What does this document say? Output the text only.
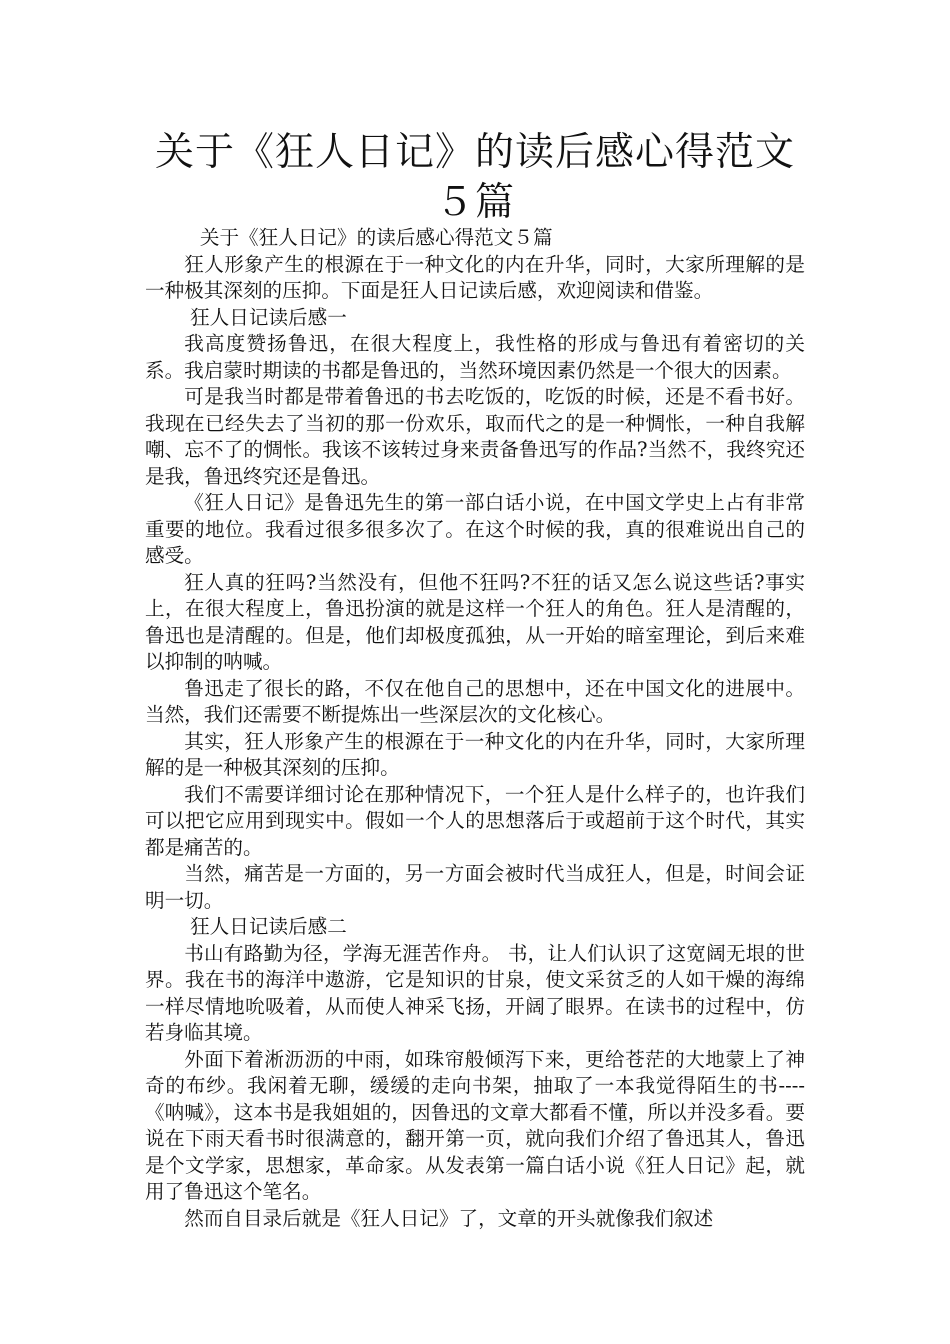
关于《狂人日记》的读后感心得范文５篇

关于《狂人日记》的读后感心得范文５篇

狂人形象产生的根源在于一种文化的内在升华，同时，大家所理解的是一种极其深刻的压抑。下面是狂人日记读后感，欢迎阅读和借鉴。

狂人日记读后感一

我高度赞扬鲁迅，在很大程度上，我性格的形成与鲁迅有着密切的关系。我启蒙时期读的书都是鲁迅的，当然环境因素仍然是一个很大的因素。

可是我当时都是带着鲁迅的书去吃饭的，吃饭的时候，还是不看书好。我现在已经失去了当初的那一份欢乐，取而代之的是一种惆怅，一种自我解嘲、忘不了的惆怅。我该不该转过身来责备鲁迅写的作品?当然不，我终究还是我，鲁迅终究还是鲁迅。

《狂人日记》是鲁迅先生的第一部白话小说，在中国文学史上占有非常重要的地位。我看过很多很多次了。在这个时候的我，真的很难说出自己的感受。

狂人真的狂吗?当然没有，但他不狂吗?不狂的话又怎么说这些话?事实上，在很大程度上，鲁迅扮演的就是这样一个狂人的角色。狂人是清醒的，鲁迅也是清醒的。但是，他们却极度孤独，从一开始的暗室理论，到后来难以抑制的呐喊。

鲁迅走了很长的路，不仅在他自己的思想中，还在中国文化的进展中。当然，我们还需要不断提炼出一些深层次的文化核心。

其实，狂人形象产生的根源在于一种文化的内在升华，同时，大家所理解的是一种极其深刻的压抑。

我们不需要详细讨论在那种情况下，一个狂人是什么样子的，也许我们可以把它应用到现实中。假如一个人的思想落后于或超前于这个时代，其实都是痛苦的。

当然，痛苦是一方面的，另一方面会被时代当成狂人，但是，时间会证明一切。

狂人日记读后感二

书山有路勤为径，学海无涯苦作舟。 书，让人们认识了这宽阔无垠的世界。我在书的海洋中遨游，它是知识的甘泉，使文采贫乏的人如干燥的海绵一样尽情地吮吸着，从而使人神采飞扬，开阔了眼界。在读书的过程中，仿若身临其境。

外面下着淅沥沥的中雨，如珠帘般倾泻下来，更给苍茫的大地蒙上了神奇的布纱。我闲着无聊，缓缓的走向书架，抽取了一本我觉得陌生的书----《呐喊》，这本书是我姐姐的，因鲁迅的文章大都看不懂，所以并没多看。要说在下雨天看书时很满意的，翻开第一页，就向我们介绍了鲁迅其人，鲁迅是个文学家，思想家，革命家。从发表第一篇白话小说《狂人日记》起，就用了鲁迅这个笔名。

然而自目录后就是《狂人日记》了，文章的开头就像我们叙述
